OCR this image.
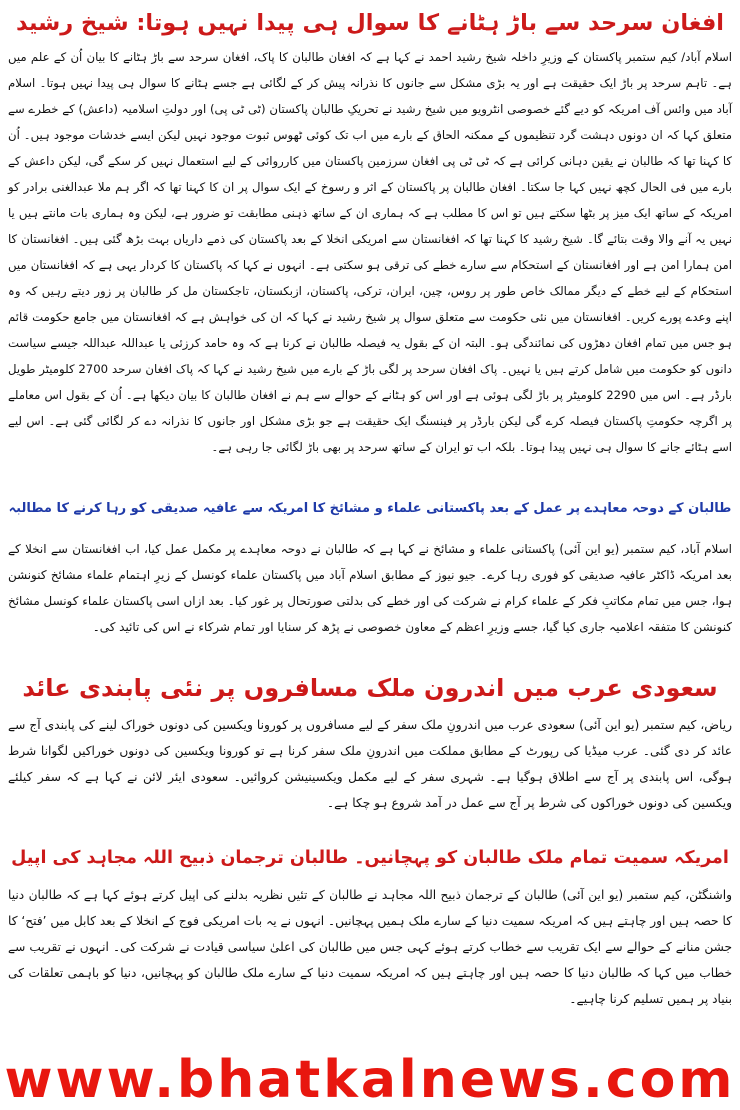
افغان سرحد سے باڑ ہٹانے کا سوال ہی پیدا نہیں ہوتا: شیخ رشید

اسلام آباد/ کیم ستمبر پاکستان کے وزیرِ داخلہ شیخ رشید احمد نے کہا ہے کہ افغان طالبان کا پاک، افغان سرحد سے باڑ ہٹانے کا بیان اُن کے علم میں ہے۔ تاہم سرحد پر باڑ ایک حقیقت ہے اور یہ بڑی مشکل سے جانوں کا نذرانہ پیش کر کے لگائی ہے جسے ہٹانے کا سوال ہی پیدا نہیں ہوتا۔ اسلام آباد میں وائس آف امریکہ کو دیے گئے خصوصی انٹرویو میں شیخ رشید نے تحریکِ طالبان پاکستان (ٹی ٹی پی) اور دولتِ اسلامیہ (داعش) کے خطرے سے متعلق کہا کہ ان دونوں دہشت گرد تنظیموں کے ممکنہ الحاق کے بارے میں اب تک کوئی ٹھوس ثبوت موجود نہیں لیکن ایسے خدشات موجود ہیں۔ اُن کا کہنا تھا کہ طالبان نے یقین دہانی کرائی ہے کہ ٹی ٹی پی افغان سرزمین پاکستان میں کارروائی کے لیے استعمال نہیں کر سکے گی، لیکن داعش کے بارے میں فی الحال کچھ نہیں کہا جا سکتا۔ افغان طالبان پر پاکستان کے اثر و رسوخ کے ایک سوال پر ان کا کہنا تھا کہ اگر ہم ملا عبدالغنی برادر کو امریکہ کے ساتھ ایک میز پر بٹھا سکتے ہیں تو اس کا مطلب ہے کہ ہماری ان کے ساتھ ذہنی مطابقت تو ضرور ہے، لیکن وہ ہماری بات مانتے ہیں یا نہیں یہ آنے والا وقت بتائے گا۔ شیخ رشید کا کہنا تھا کہ افغانستان سے امریکی انخلا کے بعد پاکستان کی ذمے داریاں بہت بڑھ گئی ہیں۔ افغانستان کا امن ہمارا امن ہے اور افغانستان کے استحکام سے سارے خطے کی ترقی ہو سکتی ہے۔ انہوں نے کہا کہ پاکستان کا کردار یہی ہے کہ افغانستان میں استحکام کے لیے خطے کے دیگر ممالک خاص طور پر روس، چین، ایران، ترکی، پاکستان، ازبکستان، تاجکستان مل کر طالبان پر زور دیتے رہیں کہ وہ اپنے وعدے پورے کریں۔ افغانستان میں نئی حکومت سے متعلق سوال پر شیخ رشید نے کہا کہ ان کی خواہش ہے کہ افغانستان میں جامع حکومت قائم ہو جس میں تمام افغان دھڑوں کی نمائندگی ہو۔ البتہ ان کے بقول یہ فیصلہ طالبان نے کرنا ہے کہ وہ حامد کرزئی یا عبداللہ عبداللہ جیسے سیاست دانوں کو حکومت میں شامل کرتے ہیں یا نہیں۔ پاک افغان سرحد پر لگی باڑ کے بارے میں شیخ رشید نے کہا کہ پاک افغان سرحد 2700 کلومیٹر طویل بارڈر ہے۔ اس میں 2290 کلومیٹر پر باڑ لگی ہوئی ہے اور اس کو ہٹانے کے حوالے سے ہم نے افغان طالبان کا بیان دیکھا ہے۔ اُن کے بقول اس معاملے پر اگرچہ حکومتِ پاکستان فیصلہ کرے گی لیکن بارڈر پر فینسنگ ایک حقیقت ہے جو بڑی مشکل اور جانوں کا نذرانہ دے کر لگائی گئی ہے۔ اس لیے اسے ہٹائے جانے کا سوال ہی نہیں پیدا ہوتا۔ بلکہ اب تو ایران کے ساتھ سرحد پر بھی باڑ لگائی جا رہی ہے۔

طالبان کے دوحہ معاہدے پر عمل کے بعد پاکستانی علماء و مشائخ کا امریکہ سے عافیہ صدیقی کو رہا کرنے کا مطالبہ

اسلام آباد، کیم ستمبر (یو این آئی) پاکستانی علماء و مشائخ نے کہا ہے کہ طالبان نے دوحہ معاہدے پر مکمل عمل کیا، اب افغانستان سے انخلا کے بعد امریکہ ڈاکٹر عافیہ صدیقی کو فوری رہا کرے۔ جیو نیوز کے مطابق اسلام آباد میں پاکستان علماء کونسل کے زیرِ اہتمام علماء مشائخ کنونشن ہوا، جس میں تمام مکاتبِ فکر کے علماء کرام نے شرکت کی اور خطے کی بدلتی صورتحال پر غور کیا۔ بعد ازاں اسی پاکستان علماء کونسل مشائخ کنونشن کا متفقہ اعلامیہ جاری کیا گیا، جسے وزیرِ اعظم کے معاون خصوصی نے پڑھ کر سنایا اور تمام شرکاء نے اس کی تائید کی۔

سعودی عرب میں اندرون ملک مسافروں پر نئی پابندی عائد

ریاض، کیم ستمبر (یو این آئی) سعودی عرب میں اندرونِ ملک سفر کے لیے مسافروں پر کورونا ویکسین کی دونوں خوراک لینے کی پابندی آج سے عائد کر دی گئی۔ عرب میڈیا کی رپورٹ کے مطابق مملکت میں اندرونِ ملک سفر کرنا ہے تو کورونا ویکسین کی دونوں خوراکیں لگوانا شرط ہوگی، اس پابندی پر آج سے اطلاق ہوگیا ہے۔ شہری سفر کے لیے مکمل ویکسینیشن کروائیں۔ سعودی ایئر لائن نے کہا ہے کہ سفر کیلئے ویکسین کی دونوں خوراکوں کی شرط پر آج سے عمل در آمد شروع ہو چکا ہے۔

امریکہ سمیت تمام ملک طالبان کو پہچانیں۔ طالبان ترجمان ذبیح اللہ مجاہد کی اپیل

واشنگٹن، کیم ستمبر (یو این آئی) طالبان کے ترجمان ذبیح اللہ مجاہد نے طالبان کے تئیں نظریہ بدلنے کی اپیل کرتے ہوئے کہا ہے کہ طالبان دنیا کا حصہ ہیں اور چاہتے ہیں کہ امریکہ سمیت دنیا کے سارے ملک ہمیں پہچانیں۔ انہوں نے یہ بات امریکی فوج کے انخلا کے بعد کابل میں ’فتح‘ کا جشن منانے کے حوالے سے ایک تقریب سے خطاب کرتے ہوئے کہی جس میں طالبان کی اعلیٰ سیاسی قیادت نے شرکت کی۔ انہوں نے تقریب سے خطاب میں کہا کہ طالبان دنیا کا حصہ ہیں اور چاہتے ہیں کہ امریکہ سمیت دنیا کے سارے ملک طالبان کو پہچانیں، دنیا کو باہمی تعلقات کی بنیاد پر ہمیں تسلیم کرنا چاہیے۔

www.bhatkalnews.com
